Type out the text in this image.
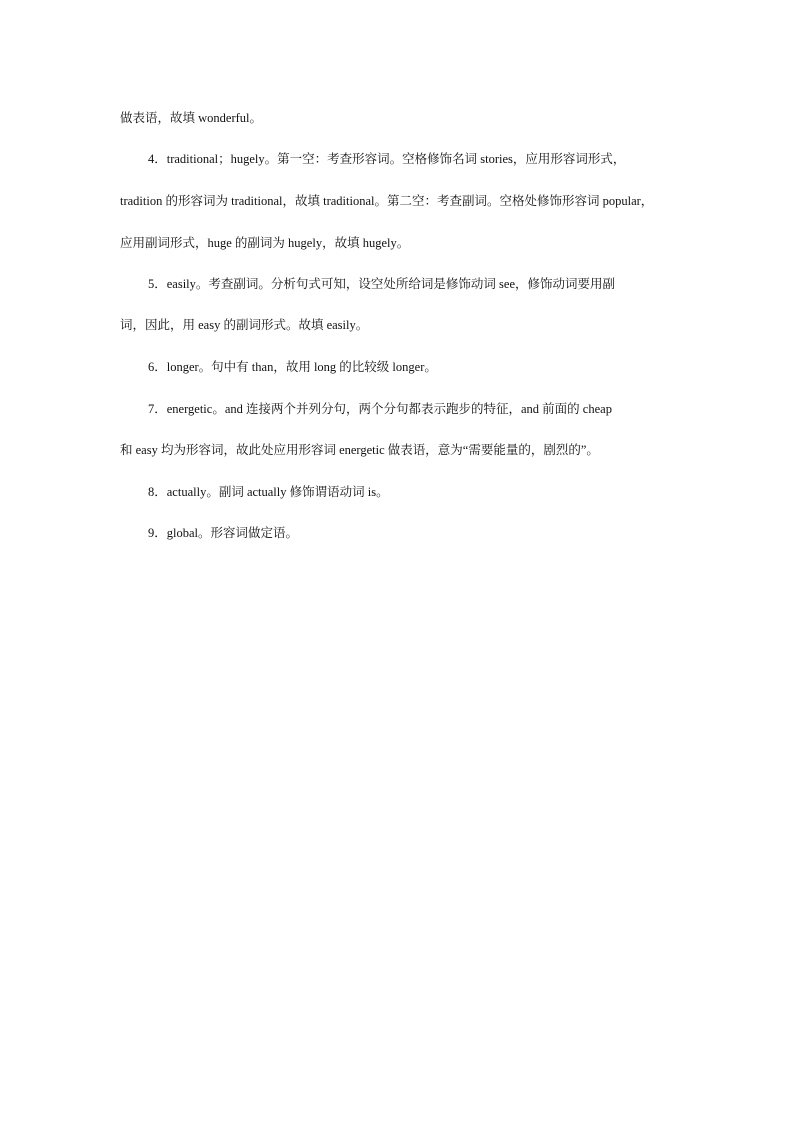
做表语，故填 wonderful。

4．traditional；hugely。第一空：考查形容词。空格修饰名词 stories，应用形容词形式，

tradition 的形容词为 traditional，故填 traditional。第二空：考查副词。空格处修饰形容词 popular，

应用副词形式，huge 的副词为 hugely，故填 hugely。

5．easily。考查副词。分析句式可知，设空处所给词是修饰动词 see，修饰动词要用副

词，因此，用 easy 的副词形式。故填 easily。

6．longer。句中有 than，故用 long 的比较级 longer。

7．energetic。and 连接两个并列分句，两个分句都表示跑步的特征，and 前面的 cheap

和 easy 均为形容词，故此处应用形容词 energetic 做表语，意为“需要能量的，剧烈的”。

8．actually。副词 actually 修饰谓语动词 is。

9．global。形容词做定语。
